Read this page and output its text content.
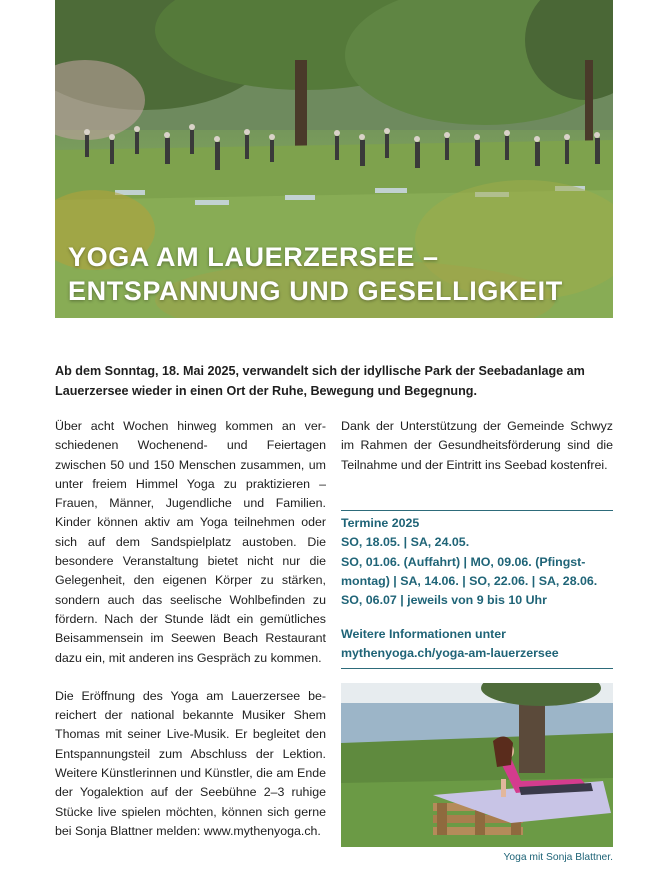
YOGA AM LAUERZERSEE –
ENTSPANNUNG UND GESELLIGKEIT
Ab dem Sonntag, 18. Mai 2025, verwandelt sich der idyllische Park der Seebadanlage am Lauerzersee wieder in einen Ort der Ruhe, Bewegung und Begegnung.

Über acht Wochen hinweg kommen an verschiedenen Wochenend- und Feiertagen zwischen 50 und 150 Menschen zusammen, um unter freiem Himmel Yoga zu praktizieren – Frauen, Männer, Jugendliche und Familien. Kinder können aktiv am Yoga teilnehmen oder sich auf dem Sandspielplatz austoben. Die besondere Veranstaltung bietet nicht nur die Gelegenheit, den eigenen Körper zu stärken, sondern auch das seelische Wohlbefinden zu fördern. Nach der Stunde lädt ein gemütliches Beisammensein im Seewen Beach Restaurant dazu ein, mit anderen ins Gespräch zu kommen.

Die Eröffnung des Yoga am Lauerzersee bereichert der national bekannte Musiker Shem Thomas mit seiner Live-Musik. Er begleitet den Entspannungsteil zum Abschluss der Lektion. Weitere Künstlerinnen und Künstler, die am Ende der Yogalektion auf der Seebühne 2–3 ruhige Stücke live spielen möchten, können sich gerne bei Sonja Blattner melden: www.mythenyoga.ch.

Dank der Unterstützung der Gemeinde Schwyz im Rahmen der Gesundheitsförderung sind die Teilnahme und der Eintritt ins Seebad kostenfrei.

Termine 2025
SO, 18.05. | SA, 24.05.
SO, 01.06. (Auffahrt) | MO, 09.06. (Pfingst-
montag) | SA, 14.06. | SO, 22.06. | SA, 28.06.
SO, 06.07 | jeweils von 9 bis 10 Uhr
Weitere Informationen unter
mythenyoga.ch/yoga-am-lauerzersee
Yoga mit Sonja Blattner.
